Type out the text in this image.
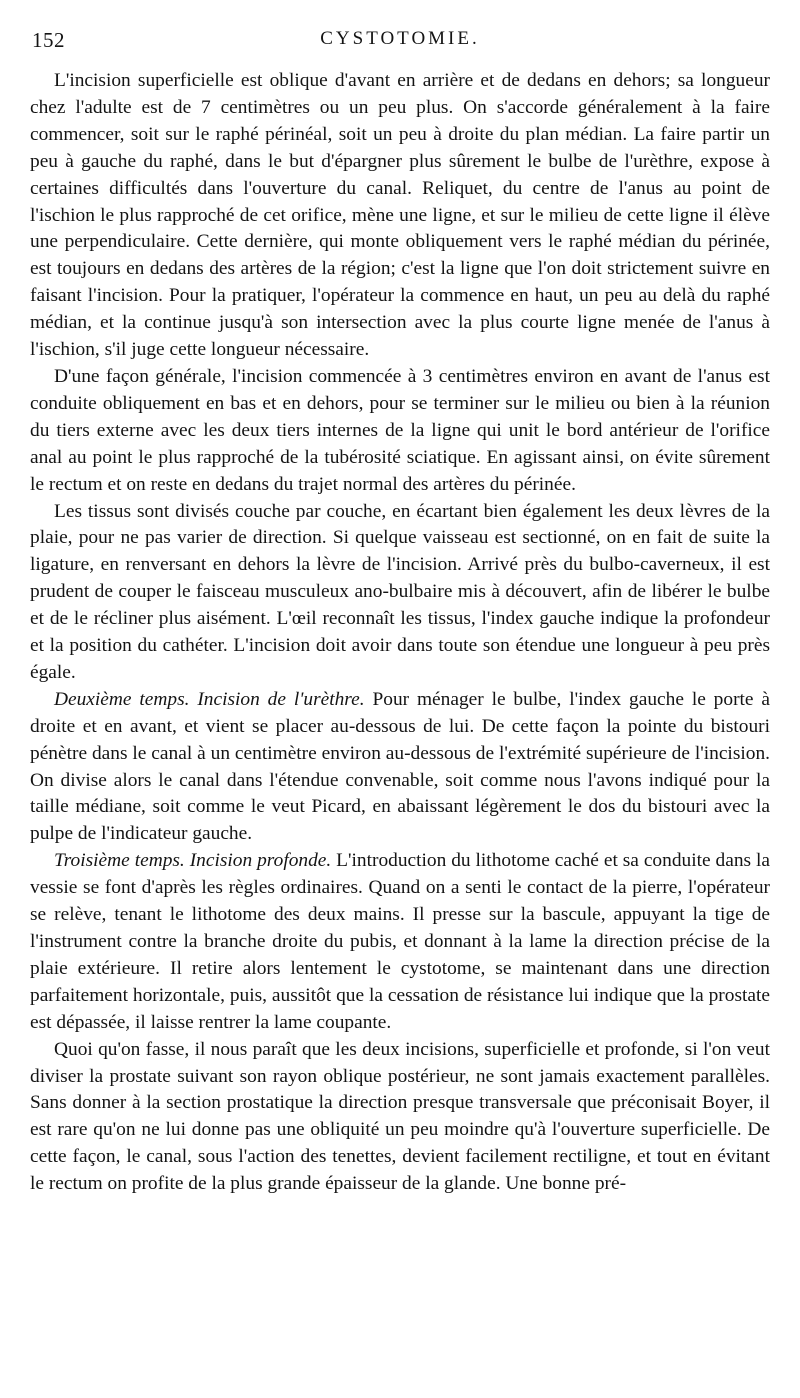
152	CYSTOTOMIE.

L'incision superficielle est oblique d'avant en arrière et de dedans en dehors; sa longueur chez l'adulte est de 7 centimètres ou un peu plus. On s'accorde généralement à la faire commencer, soit sur le raphé périnéal, soit un peu à droite du plan médian. La faire partir un peu à gauche du raphé, dans le but d'épargner plus sûrement le bulbe de l'urèthre, expose à certaines difficultés dans l'ouverture du canal. Reliquet, du centre de l'anus au point de l'ischion le plus rapproché de cet orifice, mène une ligne, et sur le milieu de cette ligne il élève une perpendiculaire. Cette dernière, qui monte obliquement vers le raphé médian du périnée, est toujours en dedans des artères de la région; c'est la ligne que l'on doit strictement suivre en faisant l'incision. Pour la pratiquer, l'opérateur la commence en haut, un peu au delà du raphé médian, et la continue jusqu'à son intersection avec la plus courte ligne menée de l'anus à l'ischion, s'il juge cette longueur nécessaire.

D'une façon générale, l'incision commencée à 3 centimètres environ en avant de l'anus est conduite obliquement en bas et en dehors, pour se terminer sur le milieu ou bien à la réunion du tiers externe avec les deux tiers internes de la ligne qui unit le bord antérieur de l'orifice anal au point le plus rapproché de la tubérosité sciatique. En agissant ainsi, on évite sûrement le rectum et on reste en dedans du trajet normal des artères du périnée.

Les tissus sont divisés couche par couche, en écartant bien également les deux lèvres de la plaie, pour ne pas varier de direction. Si quelque vaisseau est sectionné, on en fait de suite la ligature, en renversant en dehors la lèvre de l'incision. Arrivé près du bulbo-caverneux, il est prudent de couper le faisceau musculeux ano-bulbaire mis à découvert, afin de libérer le bulbe et de le récliner plus aisément. L'œil reconnaît les tissus, l'index gauche indique la profondeur et la position du cathéter. L'incision doit avoir dans toute son étendue une longueur à peu près égale.

Deuxième temps. Incision de l'urèthre. Pour ménager le bulbe, l'index gauche le porte à droite et en avant, et vient se placer au-dessous de lui. De cette façon la pointe du bistouri pénètre dans le canal à un centimètre environ au-dessous de l'extrémité supérieure de l'incision. On divise alors le canal dans l'étendue convenable, soit comme nous l'avons indiqué pour la taille médiane, soit comme le veut Picard, en abaissant légèrement le dos du bistouri avec la pulpe de l'indicateur gauche.

Troisième temps. Incision profonde. L'introduction du lithotome caché et sa conduite dans la vessie se font d'après les règles ordinaires. Quand on a senti le contact de la pierre, l'opérateur se relève, tenant le lithotome des deux mains. Il presse sur la bascule, appuyant la tige de l'instrument contre la branche droite du pubis, et donnant à la lame la direction précise de la plaie extérieure. Il retire alors lentement le cystotome, se maintenant dans une direction parfaitement horizontale, puis, aussitôt que la cessation de résistance lui indique que la prostate est dépassée, il laisse rentrer la lame coupante.

Quoi qu'on fasse, il nous paraît que les deux incisions, superficielle et profonde, si l'on veut diviser la prostate suivant son rayon oblique postérieur, ne sont jamais exactement parallèles. Sans donner à la section prostatique la direction presque transversale que préconisait Boyer, il est rare qu'on ne lui donne pas une obliquité un peu moindre qu'à l'ouverture superficielle. De cette façon, le canal, sous l'action des tenettes, devient facilement rectiligne, et tout en évitant le rectum on profite de la plus grande épaisseur de la glande. Une bonne pré-
